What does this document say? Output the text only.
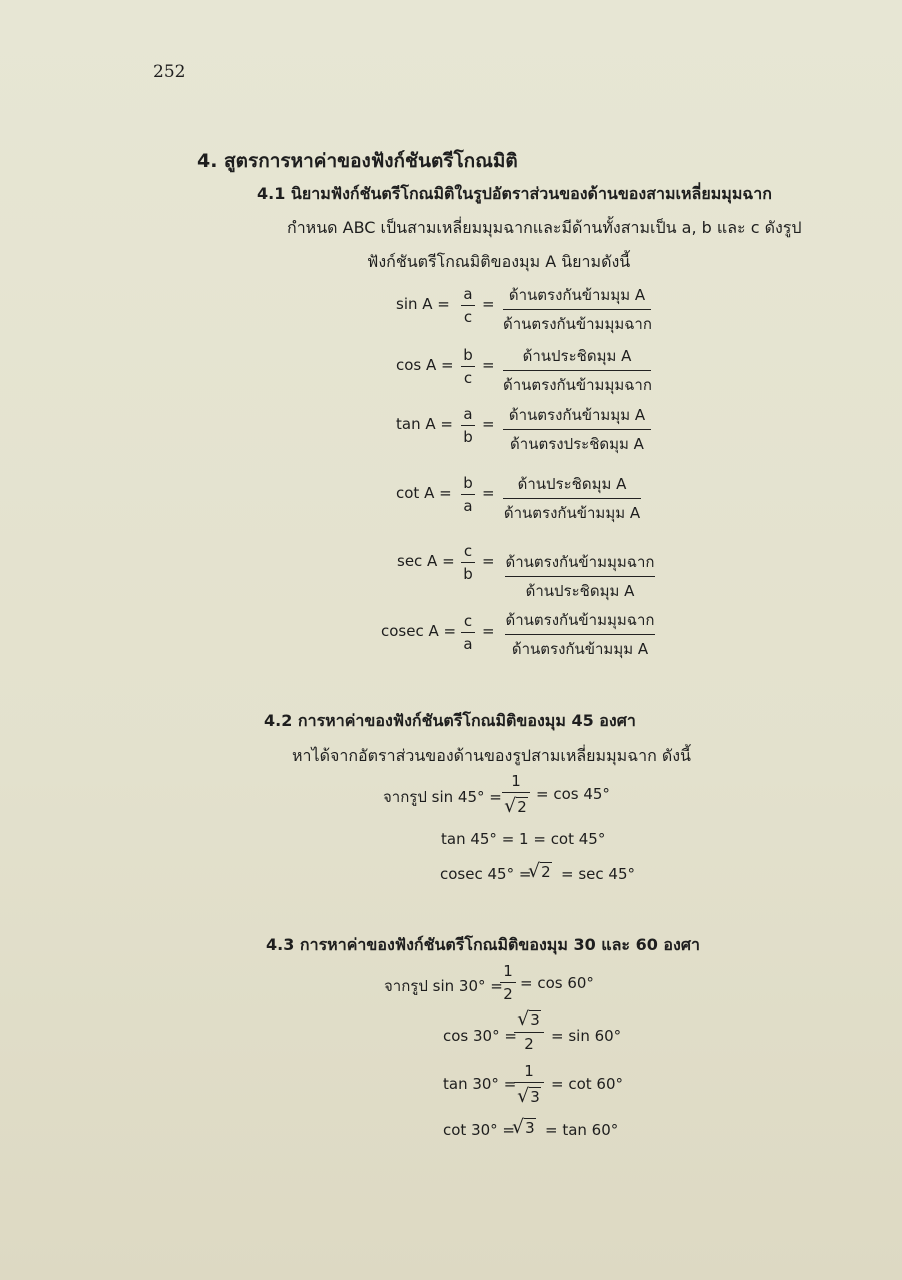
252
4. สูตรการหาค่าของฟังก์ชันตรีโกณมิติ
4.1 นิยามฟังก์ชันตรีโกณมิติในรูปอัตราส่วนของด้านของสามเหลี่ยมมุมฉาก
กำหนด ABC เป็นสามเหลี่ยมมุมฉากและมีด้านทั้งสามเป็น a, b และ c ดังรูป
ฟังก์ชันตรีโกณมิติของมุม A นิยามดังนี้
sin A =
a
c
= ด้านตรงกันข้ามมุม A
ด้านตรงกันข้ามมุมฉาก
cos A =
b
c
=	ด้านประชิดมุม A
ด้านตรงกันข้ามมุมฉาก
tan A =
a
b
= ด้านตรงกันข้ามมุม A
ด้านตรงประชิดมุม A
cot A =
b
a
=	ด้านประชิดมุม A
ด้านตรงกันข้ามมุม A
sec A =
c
b
= ด้านตรงกันข้ามมุมฉาก
ด้านประชิดมุม A
cosec A =
c
a
=
ด้านตรงกันข้ามมุมฉาก
ด้านตรงกันข้ามมุม A
4.2 การหาค่าของฟังก์ชันตรีโกณมิติของมุม 45 องศา
หาได้จากอัตราส่วนของด้านของรูปสามเหลี่ยมมุมฉาก ดังนี้
จากรูป sin 45° =
1
√2
= cos 45°
tan 45° = 1 = cot 45°
cosec 45° =
√2 = sec 45°
4.3 การหาค่าของฟังก์ชันตรีโกณมิติของมุม 30 และ 60 องศา
จากรูป sin 30° =
1
2
= cos 60°
cos 30° =
√3
2	= sin 60°
tan 30° =
1
√3
= cot 60°
cot 30° =
√3 = tan 60°
